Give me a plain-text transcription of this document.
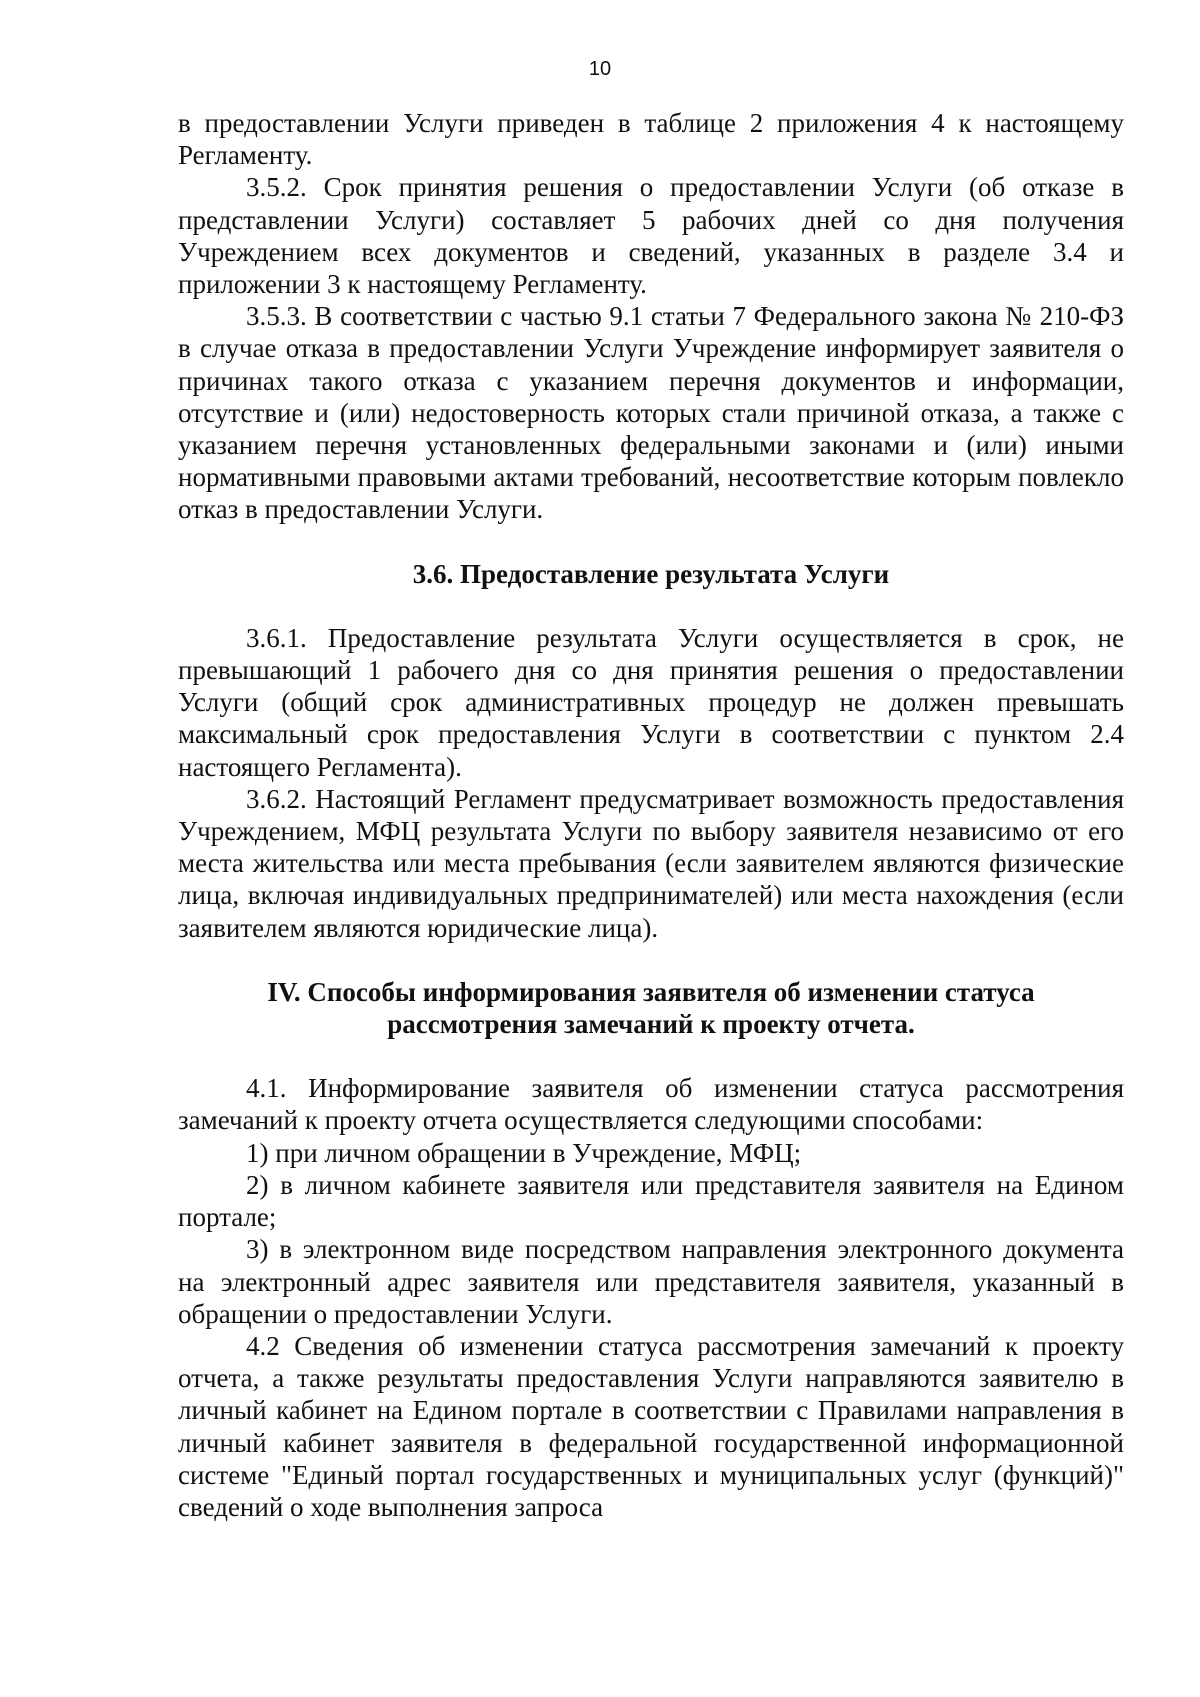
10

в предоставлении Услуги приведен в таблице 2 приложения 4 к настоящему Регламенту.

3.5.2. Срок принятия решения о предоставлении Услуги (об отказе в представлении Услуги) составляет 5 рабочих дней со дня получения Учреждением всех документов и сведений, указанных в разделе 3.4 и приложении 3 к настоящему Регламенту.

3.5.3. В соответствии с частью 9.1 статьи 7 Федерального закона № 210-ФЗ в случае отказа в предоставлении Услуги Учреждение информирует заявителя о причинах такого отказа с указанием перечня документов и информации, отсутствие и (или) недостоверность которых стали причиной отказа, а также с указанием перечня установленных федеральными законами и (или) иными нормативными правовыми актами требований, несоответствие которым повлекло отказ в предоставлении Услуги.

3.6. Предоставление результата Услуги

3.6.1. Предоставление результата Услуги осуществляется в срок, не превышающий 1 рабочего дня со дня принятия решения о предоставлении Услуги (общий срок административных процедур не должен превышать максимальный срок предоставления Услуги в соответствии с пунктом 2.4 настоящего Регламента).

3.6.2. Настоящий Регламент предусматривает возможность предоставления Учреждением, МФЦ результата Услуги по выбору заявителя независимо от его места жительства или места пребывания (если заявителем являются физические лица, включая индивидуальных предпринимателей) или места нахождения (если заявителем являются юридические лица).

IV. Способы информирования заявителя об изменении статуса
рассмотрения замечаний к проекту отчета.

4.1. Информирование заявителя об изменении статуса рассмотрения замечаний к проекту отчета осуществляется следующими способами:

1) при личном обращении в Учреждение, МФЦ;

2) в личном кабинете заявителя или представителя заявителя на Едином портале;

3) в электронном виде посредством направления электронного документа на электронный адрес заявителя или представителя заявителя, указанный в обращении о предоставлении Услуги.

4.2 Сведения об изменении статуса рассмотрения замечаний к проекту отчета, а также результаты предоставления Услуги направляются заявителю в личный кабинет на Едином портале в соответствии с Правилами направления в личный кабинет заявителя в федеральной государственной информационной системе "Единый портал государственных и муниципальных услуг (функций)" сведений о ходе выполнения запроса
